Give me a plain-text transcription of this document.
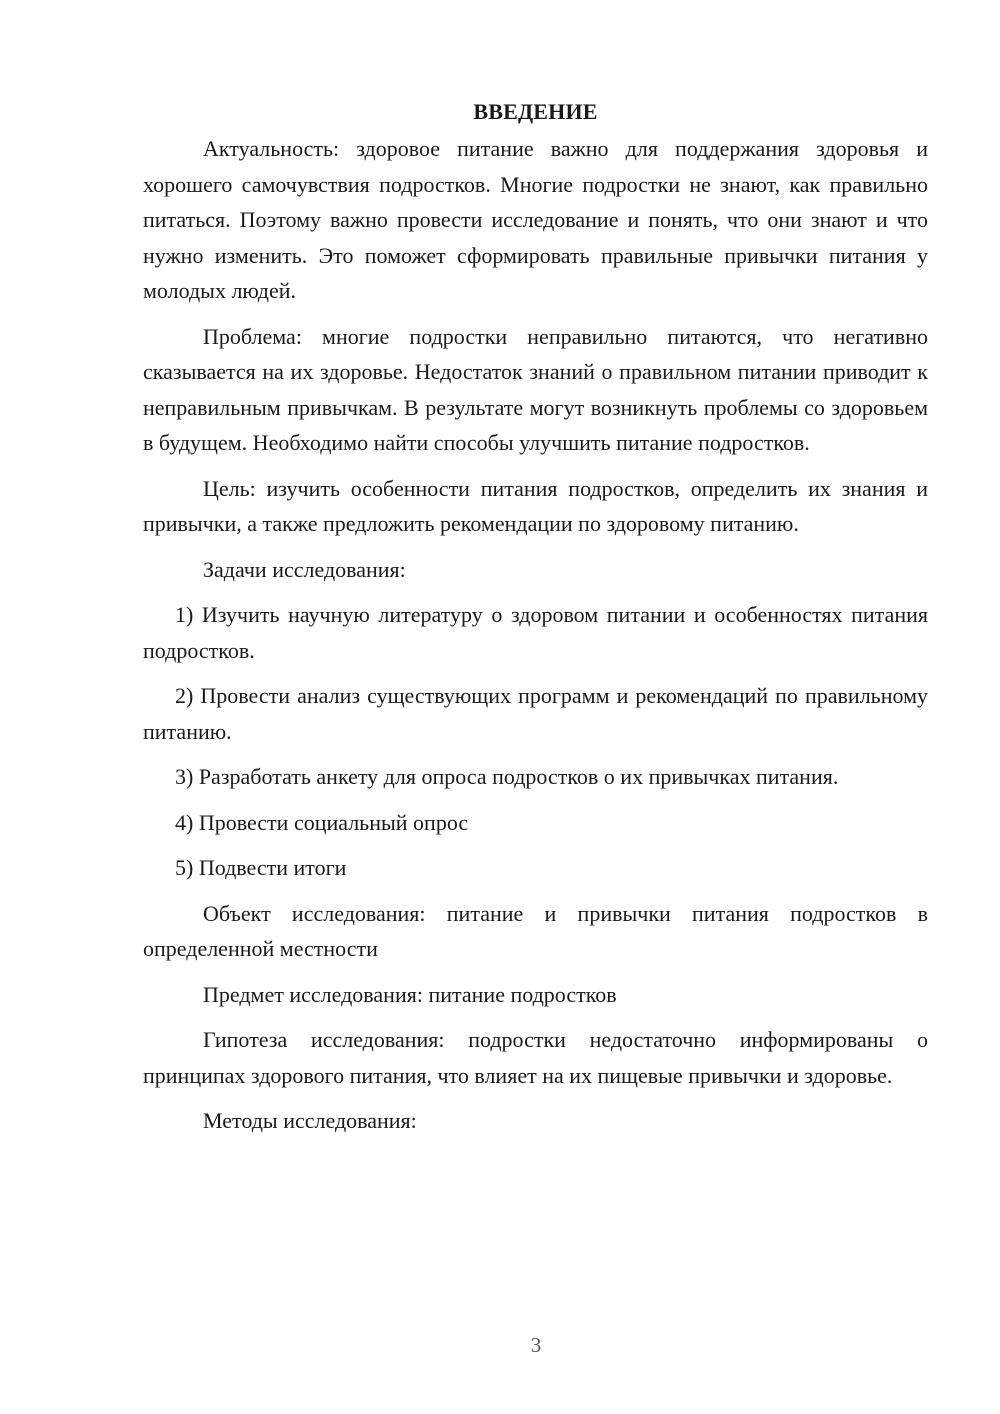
ВВЕДЕНИЕ

Актуальность: здоровое питание важно для поддержания здоровья и хорошего самочувствия подростков. Многие подростки не знают, как правильно питаться. Поэтому важно провести исследование и понять, что они знают и что нужно изменить. Это поможет сформировать правильные привычки питания у молодых людей.

Проблема: многие подростки неправильно питаются, что негативно сказывается на их здоровье. Недостаток знаний о правильном питании приводит к неправильным привычкам. В результате могут возникнуть проблемы со здоровьем в будущем. Необходимо найти способы улучшить питание подростков.

Цель: изучить особенности питания подростков, определить их знания и привычки, а также предложить рекомендации по здоровому питанию.

Задачи исследования:

1) Изучить научную литературу о здоровом питании и особенностях питания подростков.

2) Провести анализ существующих программ и рекомендаций по правильному питанию.

3) Разработать анкету для опроса подростков о их привычках питания.

4) Провести социальный опрос

5) Подвести итоги

Объект исследования: питание и привычки питания подростков в определенной местности

Предмет исследования: питание подростков

Гипотеза исследования: подростки недостаточно информированы о принципах здорового питания, что влияет на их пищевые привычки и здоровье.

Методы исследования:

3
